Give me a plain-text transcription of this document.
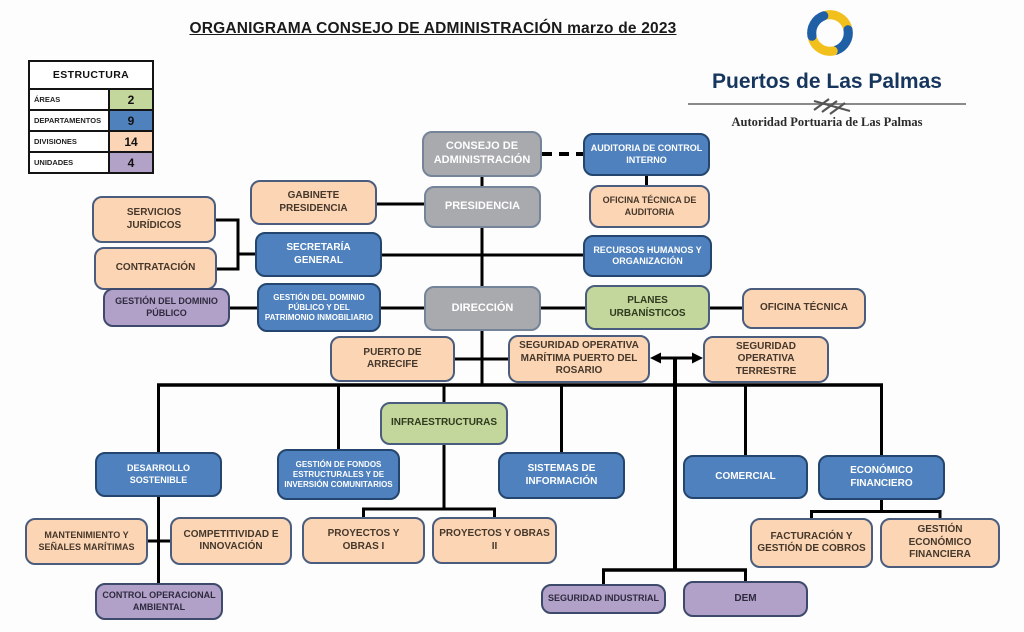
ORGANIGRAMA CONSEJO DE ADMINISTRACIÓN marzo de 2023
ESTRUCTURA
ÁREAS	2
DEPARTAMENTOS	9
DIVISIONES	14
UNIDADES	4
Puertos de Las Palmas
Autoridad Portuaria de Las Palmas
CONSEJO DE ADMINISTRACIÓN
AUDITORIA DE CONTROL INTERNO
GABINETE PRESIDENCIA	PRESIDENCIA	OFICINA TÉCNICA DE AUDITORIA
SERVICIOS JURÍDICOS
SECRETARÍA GENERAL
RECURSOS HUMANOS Y ORGANIZACIÓN
CONTRATACIÓN
GESTIÓN DEL DOMINIO PÚBLICO
GESTIÓN DEL DOMINIO PÚBLICO Y DEL PATRIMONIO INMOBILIARIO
DIRECCIÓN
PLANES URBANÍSTICOS	OFICINA TÉCNICA
PUERTO DE ARRECIFE
SEGURIDAD OPERATIVA MARÍTIMA PUERTO DEL ROSARIO
SEGURIDAD OPERATIVA TERRESTRE
INFRAESTRUCTURAS
DESARROLLO SOSTENIBLE
GESTIÓN DE FONDOS ESTRUCTURALES Y DE INVERSIÓN COMUNITARIOS
SISTEMAS DE INFORMACIÓN	COMERCIAL
ECONÓMICO FINANCIERO
MANTENIMIENTO Y SEÑALES MARÍTIMAS
COMPETITIVIDAD E INNOVACIÓN
PROYECTOS Y OBRAS I
PROYECTOS Y OBRAS II
FACTURACIÓN Y GESTIÓN DE COBROS
GESTIÓN ECONÓMICO FINANCIERA
CONTROL OPERACIONAL AMBIENTAL
SEGURIDAD INDUSTRIAL	DEM
